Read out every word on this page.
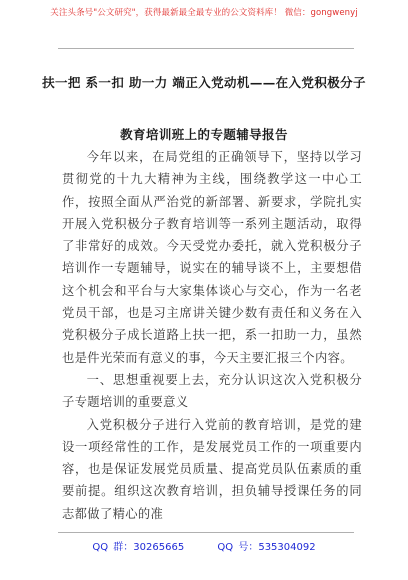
关注头条号"公文研究"，获得最新最全最专业的公文资料库！ 微信：gongwenyj
扶一把 系一扣 助一力 端正入党动机——在入党积极分子
教育培训班上的专题辅导报告

今年以来，在局党组的正确领导下，坚持以学习贯彻党的十九大精神为主线，围绕教学这一中心工作，按照全面从严治党的新部署、新要求，学院扎实开展入党积极分子教育培训等一系列主题活动，取得了非常好的成效。今天受党办委托，就入党积极分子培训作一专题辅导，说实在的辅导谈不上，主要想借这个机会和平台与大家集体谈心与交心，作为一名老党员干部，也是习主席讲关键少数有责任和义务在入党积极分子成长道路上扶一把，系一扣助一力，虽然也是件光荣而有意义的事，今天主要汇报三个内容。

一、思想重视要上去，充分认识这次入党积极分子专题培训的重要意义

入党积极分子进行入党前的教育培训，是党的建设一项经常性的工作，是发展党员工作的一项重要内容，也是保证发展党员质量、提高党员队伍素质的重要前提。组织这次教育培训，担负辅导授课任务的同志都做了精心的准

QQ 群：30265665	QQ 号：535304092
